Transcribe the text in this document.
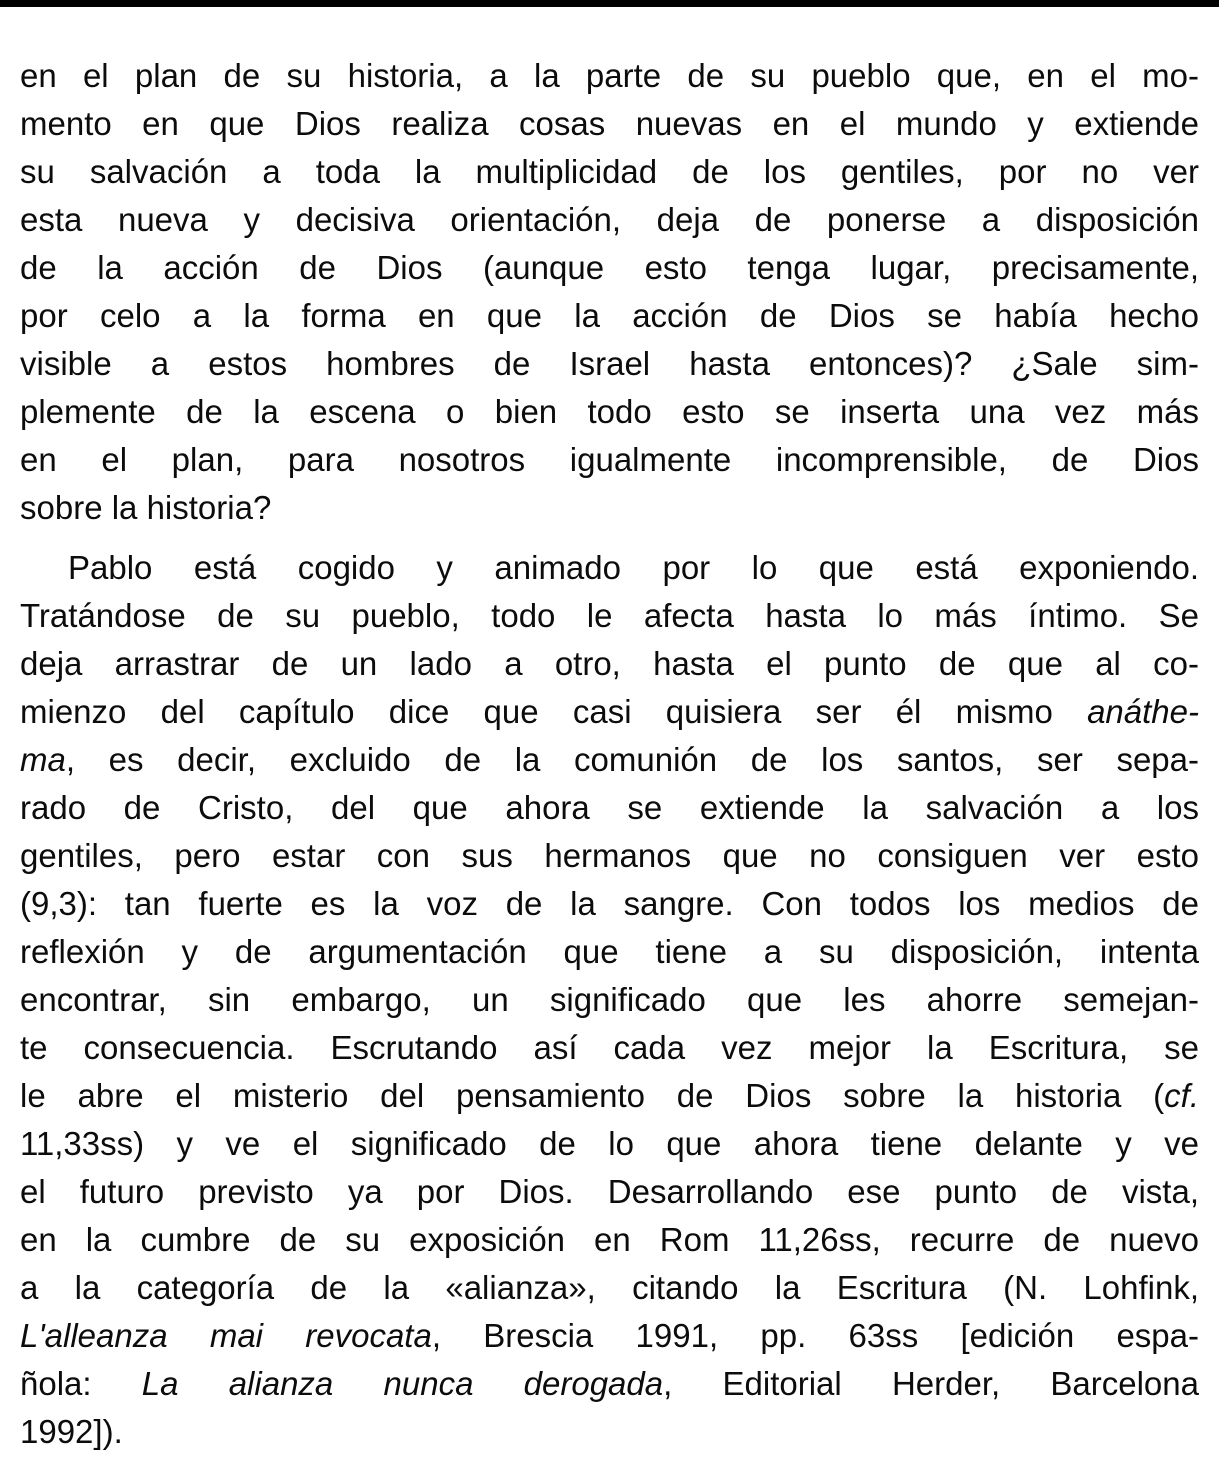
en el plan de su historia, a la parte de su pueblo que, en el mo-
mento en que Dios realiza cosas nuevas en el mundo y extiende
su salvación a toda la multiplicidad de los gentiles, por no ver
esta nueva y decisiva orientación, deja de ponerse a disposición
de la acción de Dios (aunque esto tenga lugar, precisamente,
por celo a la forma en que la acción de Dios se había hecho
visible a estos hombres de Israel hasta entonces)? ¿Sale sim-
plemente de la escena o bien todo esto se inserta una vez más
en el plan, para nosotros igualmente incomprensible, de Dios
sobre la historia?
Pablo está cogido y animado por lo que está exponiendo.
Tratándose de su pueblo, todo le afecta hasta lo más íntimo. Se
deja arrastrar de un lado a otro, hasta el punto de que al co-
mienzo del capítulo dice que casi quisiera ser él mismo anáthe-
ma, es decir, excluido de la comunión de los santos, ser sepa-
rado de Cristo, del que ahora se extiende la salvación a los
gentiles, pero estar con sus hermanos que no consiguen ver esto
(9,3): tan fuerte es la voz de la sangre. Con todos los medios de
reflexión y de argumentación que tiene a su disposición, intenta
encontrar, sin embargo, un significado que les ahorre semejan-
te consecuencia. Escrutando así cada vez mejor la Escritura, se
le abre el misterio del pensamiento de Dios sobre la historia (cf.
11,33ss) y ve el significado de lo que ahora tiene delante y ve
el futuro previsto ya por Dios. Desarrollando ese punto de vista,
en la cumbre de su exposición en Rom 11,26ss, recurre de nuevo
a la categoría de la «alianza», citando la Escritura (N. Lohfink,
L'alleanza mai revocata, Brescia 1991, pp. 63ss [edición espa-
ñola: La alianza nunca derogada, Editorial Herder, Barcelona
1992]).
